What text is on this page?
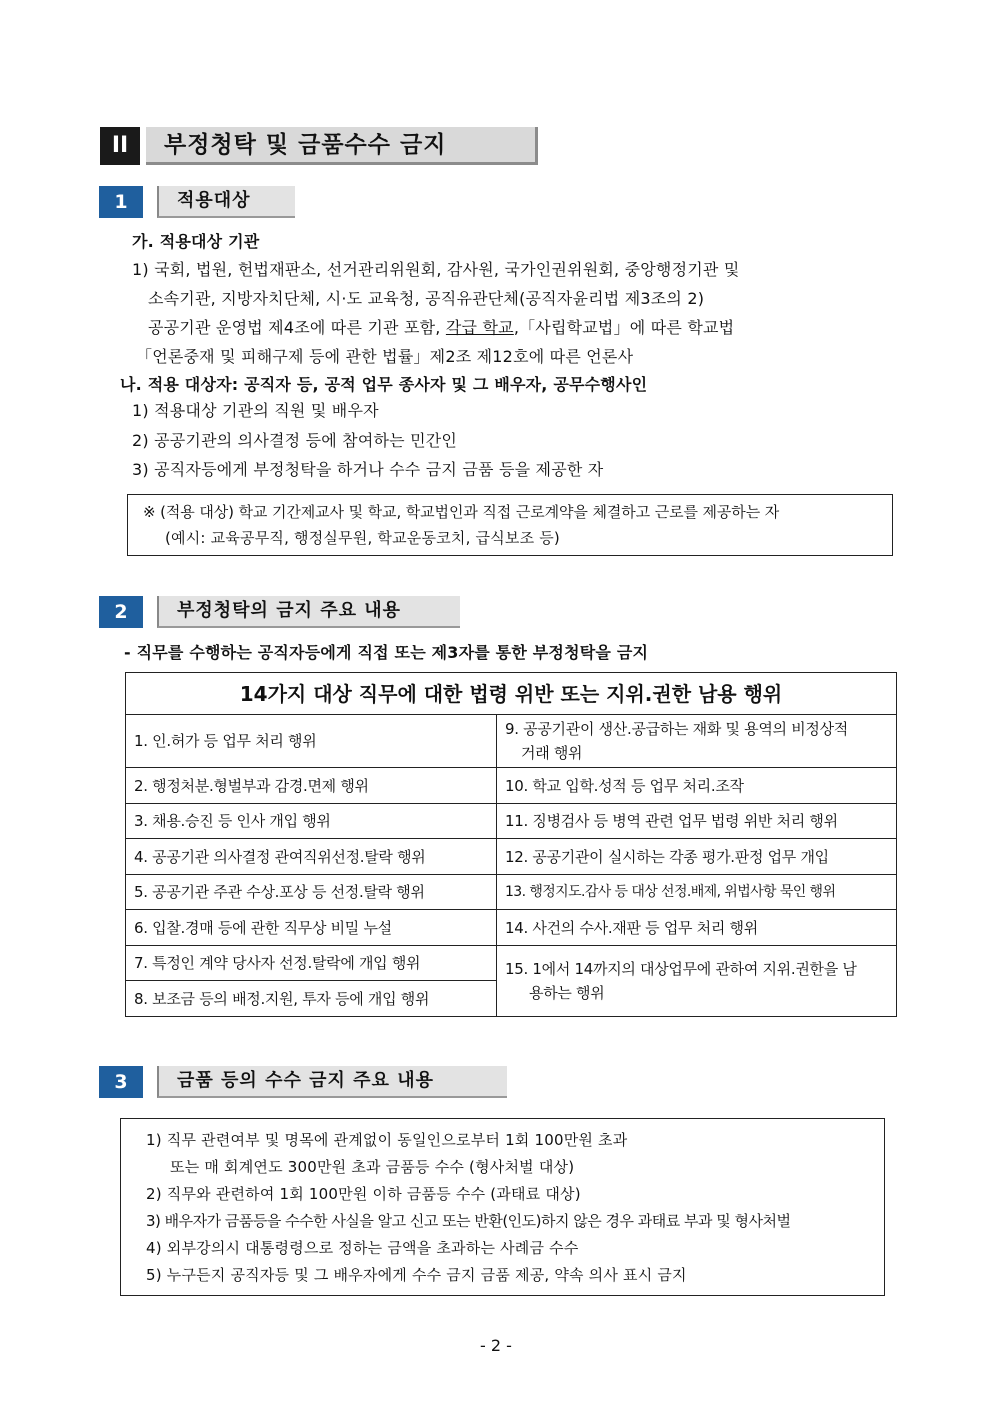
II	부정청탁 및 금품수수 금지
1	적용대상
가. 적용대상 기관
1) 국회, 법원, 헌법재판소, 선거관리위원회, 감사원, 국가인권위원회, 중앙행정기관 및
소속기관, 지방자치단체, 시·도 교육청, 공직유관단체(공직자윤리법 제3조의 2)
공공기관 운영법 제4조에 따른 기관 포함, 각급 학교,「사립학교법」에 따른 학교법
「언론중재 및 피해구제 등에 관한 법률」제2조 제12호에 따른 언론사
나. 적용 대상자: 공직자 등, 공적 업무 종사자 및 그 배우자, 공무수행사인
1) 적용대상 기관의 직원 및 배우자
2) 공공기관의 의사결정 등에 참여하는 민간인
3) 공직자등에게 부정청탁을 하거나 수수 금지 금품 등을 제공한 자
※ (적용 대상) 학교 기간제교사 및 학교, 학교법인과 직접 근로계약을 체결하고 근로를 제공하는 자
(예시: 교육공무직, 행정실무원, 학교운동코치, 급식보조 등)
2	부정청탁의 금지 주요 내용
- 직무를 수행하는 공직자등에게 직접 또는 제3자를 통한 부정청탁을 금지
14가지 대상 직무에 대한 법령 위반 또는 지위.권한 남용 행위	
1. 인.허가 등 업무 처리 행위	9. 공공기관이 생산.공급하는 재화 및 용역의 비정상적
거래 행위

2. 행정처분.형벌부과 감경.면제 행위	10. 학교 입학.성적 등 업무 처리.조작
3. 채용.승진 등 인사 개입 행위	11. 징병검사 등 병역 관련 업무 법령 위반 처리 행위
4. 공공기관 의사결정 관여직위선정.탈락 행위	12. 공공기관이 실시하는 각종 평가.판정 업무 개입
5. 공공기관 주관 수상.포상 등 선정.탈락 행위	13. 행정지도.감사 등 대상 선정.배제, 위법사항 묵인 행위
6. 입찰.경매 등에 관한 직무상 비밀 누설	14. 사건의 수사.재판 등 업무 처리 행위
7. 특정인 계약 당사자 선정.탈락에 개입 행위	15. 1에서 14까지의 대상업무에 관하여 지위.권한을 남
용하는 행위

8. 보조금 등의 배정.지원, 투자 등에 개입 행위	
3	금품 등의 수수 금지 주요 내용
1) 직무 관련여부 및 명목에 관계없이 동일인으로부터 1회 100만원 초과
또는 매 회계연도 300만원 초과 금품등 수수 (형사처벌 대상)
2) 직무와 관련하여 1회 100만원 이하 금품등 수수 (과태료 대상)
3) 배우자가 금품등을 수수한 사실을 알고 신고 또는 반환(인도)하지 않은 경우 과태료 부과 및 형사처벌
4) 외부강의시 대통령령으로 정하는 금액을 초과하는 사례금 수수
5) 누구든지 공직자등 및 그 배우자에게 수수 금지 금품 제공, 약속 의사 표시 금지
- 2 -
